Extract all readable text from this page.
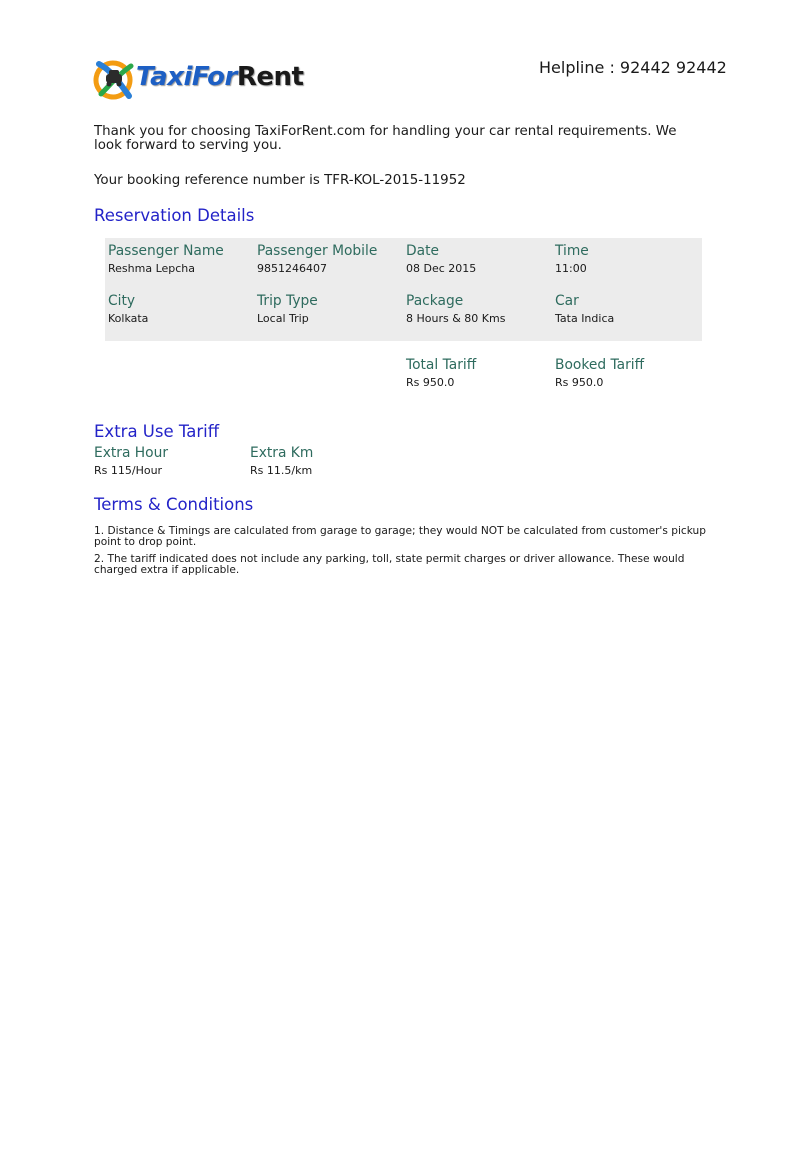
TaxiForRent	Helpline : 92442 92442
Thank you for choosing TaxiForRent.com for handling your car rental requirements. We look forward to serving you.
Your booking reference number is TFR-KOL-2015-11952
Reservation Details
Passenger Name
Reshma Lepcha
Passenger Mobile
9851246407
Date
08 Dec 2015
Time
11:00
City
Kolkata
Trip Type
Local Trip
Package
8 Hours & 80 Kms
Car
Tata Indica
Total Tariff
Rs 950.0
Booked Tariff
Rs 950.0
Extra Use Tariff
Extra Hour
Rs 115/Hour
Extra Km
Rs 11.5/km
Terms & Conditions

1. Distance & Timings are calculated from garage to garage; they would NOT be calculated from customer's pickup point to drop point.

2. The tariff indicated does not include any parking, toll, state permit charges or driver allowance. These would charged extra if applicable.
